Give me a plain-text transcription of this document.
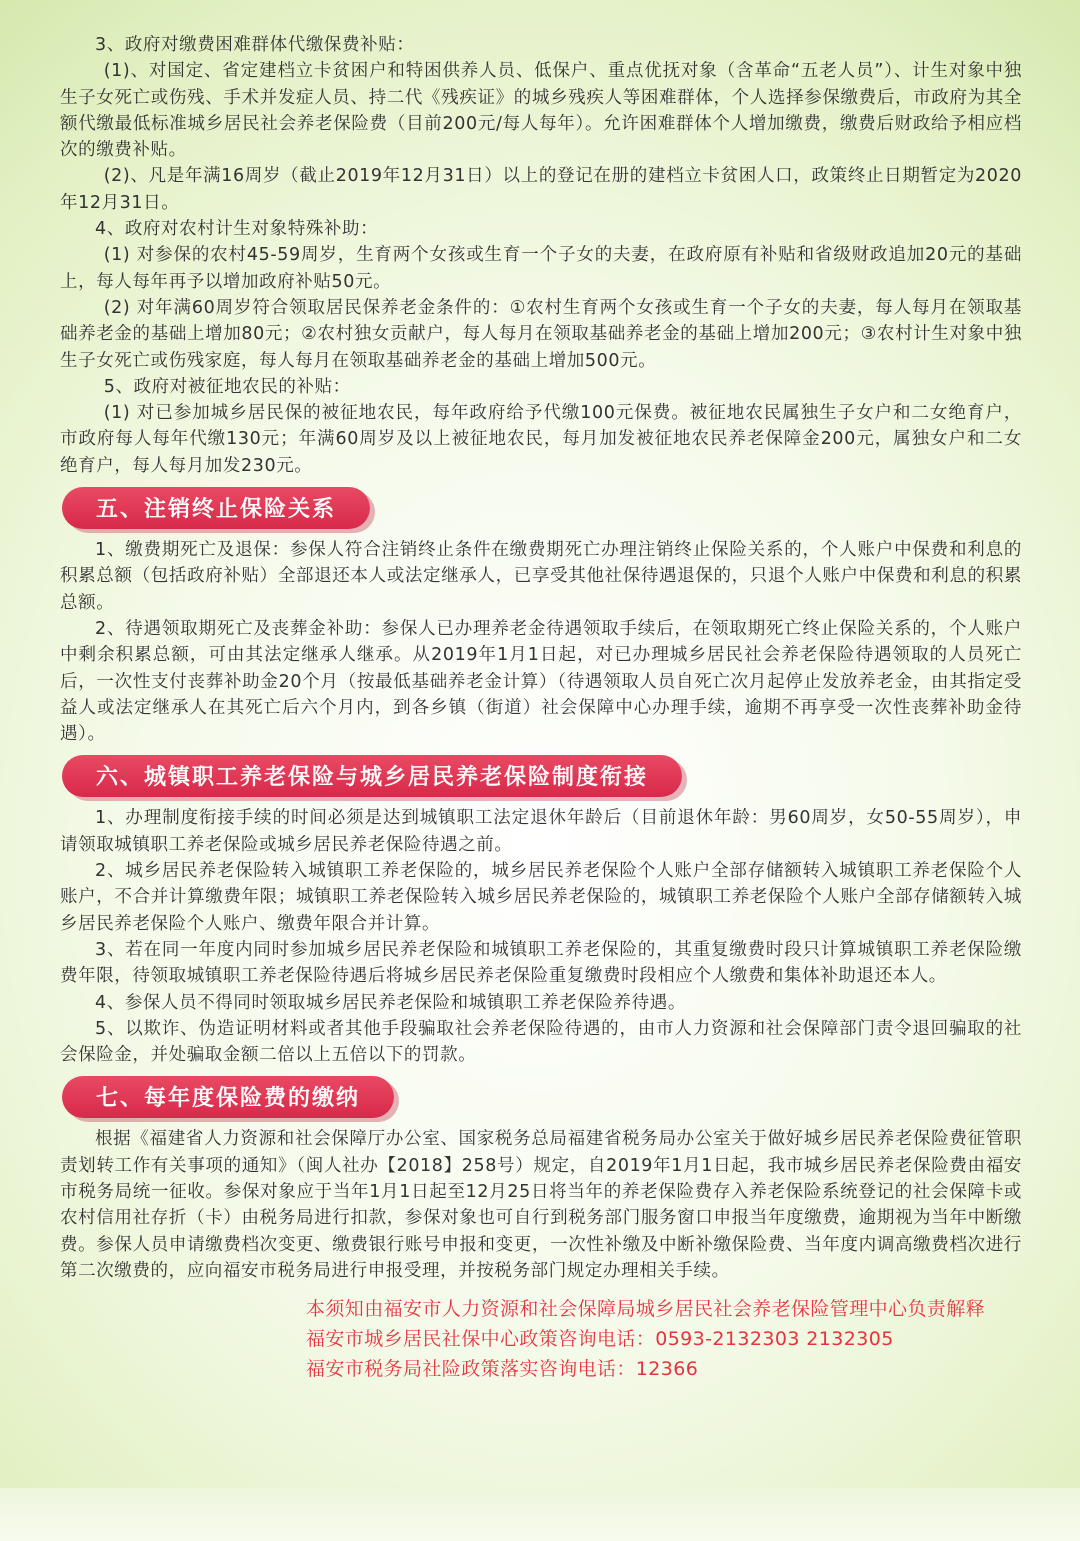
3、政府对缴费困难群体代缴保费补贴：

(1)、对国定、省定建档立卡贫困户和特困供养人员、低保户、重点优抚对象（含革命“五老人员”）、计生对象中独生子女死亡或伤残、手术并发症人员、持二代《残疾证》的城乡残疾人等困难群体，个人选择参保缴费后，市政府为其全额代缴最低标准城乡居民社会养老保险费（目前200元/每人每年）。允许困难群体个人增加缴费，缴费后财政给予相应档次的缴费补贴。

(2)、凡是年满16周岁（截止2019年12月31日）以上的登记在册的建档立卡贫困人口，政策终止日期暂定为2020年12月31日。

4、政府对农村计生对象特殊补助：

(1) 对参保的农村45-59周岁，生育两个女孩或生育一个子女的夫妻，在政府原有补贴和省级财政追加20元的基础上，每人每年再予以增加政府补贴50元。

(2) 对年满60周岁符合领取居民保养老金条件的：①农村生育两个女孩或生育一个子女的夫妻，每人每月在领取基础养老金的基础上增加80元；②农村独女贡献户，每人每月在领取基础养老金的基础上增加200元；③农村计生对象中独生子女死亡或伤残家庭，每人每月在领取基础养老金的基础上增加500元。

5、政府对被征地农民的补贴：

(1) 对已参加城乡居民保的被征地农民，每年政府给予代缴100元保费。被征地农民属独生子女户和二女绝育户，市政府每人每年代缴130元；年满60周岁及以上被征地农民，每月加发被征地农民养老保障金200元，属独女户和二女绝育户，每人每月加发230元。

五、注销终止保险关系

1、缴费期死亡及退保：参保人符合注销终止条件在缴费期死亡办理注销终止保险关系的，个人账户中保费和利息的积累总额（包括政府补贴）全部退还本人或法定继承人，已享受其他社保待遇退保的，只退个人账户中保费和利息的积累总额。

2、待遇领取期死亡及丧葬金补助：参保人已办理养老金待遇领取手续后，在领取期死亡终止保险关系的，个人账户中剩余积累总额，可由其法定继承人继承。从2019年1月1日起，对已办理城乡居民社会养老保险待遇领取的人员死亡后，一次性支付丧葬补助金20个月（按最低基础养老金计算）（待遇领取人员自死亡次月起停止发放养老金，由其指定受益人或法定继承人在其死亡后六个月内，到各乡镇（街道）社会保障中心办理手续，逾期不再享受一次性丧葬补助金待遇）。

六、城镇职工养老保险与城乡居民养老保险制度衔接

1、办理制度衔接手续的时间必须是达到城镇职工法定退休年龄后（目前退休年龄：男60周岁，女50-55周岁），申请领取城镇职工养老保险或城乡居民养老保险待遇之前。

2、城乡居民养老保险转入城镇职工养老保险的，城乡居民养老保险个人账户全部存储额转入城镇职工养老保险个人账户，不合并计算缴费年限；城镇职工养老保险转入城乡居民养老保险的，城镇职工养老保险个人账户全部存储额转入城乡居民养老保险个人账户、缴费年限合并计算。

3、若在同一年度内同时参加城乡居民养老保险和城镇职工养老保险的，其重复缴费时段只计算城镇职工养老保险缴费年限，待领取城镇职工养老保险待遇后将城乡居民养老保险重复缴费时段相应个人缴费和集体补助退还本人。

4、参保人员不得同时领取城乡居民养老保险和城镇职工养老保险养待遇。

5、以欺诈、伪造证明材料或者其他手段骗取社会养老保险待遇的，由市人力资源和社会保障部门责令退回骗取的社会保险金，并处骗取金额二倍以上五倍以下的罚款。

七、每年度保险费的缴纳

根据《福建省人力资源和社会保障厅办公室、国家税务总局福建省税务局办公室关于做好城乡居民养老保险费征管职责划转工作有关事项的通知》（闽人社办【2018】258号）规定，自2019年1月1日起，我市城乡居民养老保险费由福安市税务局统一征收。参保对象应于当年1月1日起至12月25日将当年的养老保险费存入养老保险系统登记的社会保障卡或农村信用社存折（卡）由税务局进行扣款，参保对象也可自行到税务部门服务窗口申报当年度缴费，逾期视为当年中断缴费。参保人员申请缴费档次变更、缴费银行账号申报和变更，一次性补缴及中断补缴保险费、当年度内调高缴费档次进行第二次缴费的，应向福安市税务局进行申报受理，并按税务部门规定办理相关手续。

本须知由福安市人力资源和社会保障局城乡居民社会养老保险管理中心负责解释
福安市城乡居民社保中心政策咨询电话：0593-2132303 2132305
福安市税务局社险政策落实咨询电话：12366
